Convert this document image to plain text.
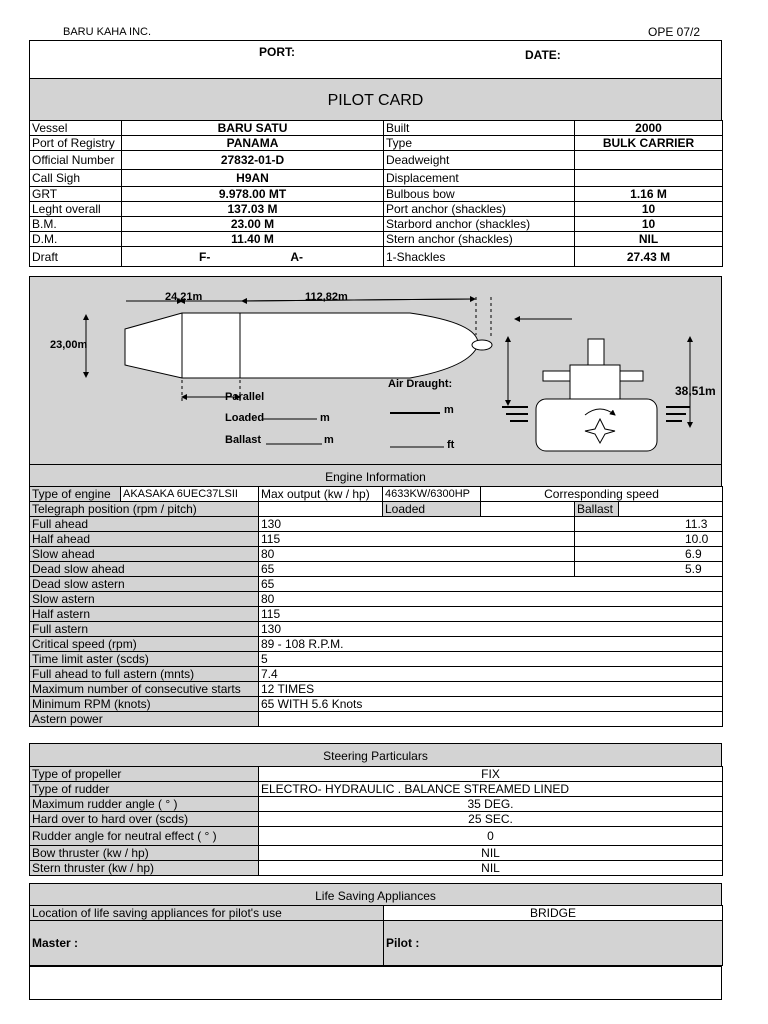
BARU KAHA INC.	OPE 07/2
PORT:	DATE:
PILOT CARD
Vessel	BARU SATU	Built	2000
Port of Registry	PANAMA	Type	BULK CARRIER
Official Number	27832-01-D	Deadweight	
Call Sigh	H9AN	Displacement	
GRT	9.978.00 MT	Bulbous bow	1.16 M
Leght overall	137.03 M	Port anchor (shackles)	10
B.M.	23.00 M	Starbord anchor (shackles)	10
D.M.	11.40 M	Stern anchor (shackles)	NIL
Draft	F- A-	1-Shackles	27.43 M
24,21m	112,82m
23,00m
Parallel
Loaded	m
Ballast	m
Air Draught:
m
ft
38,51m
Engine Information
Type of engine	AKASAKA 6UEC37LSII	Max output (kw / hp)	4633KW/6300HP	Corresponding speed		
Telegraph position (rpm / pitch)			Loaded		Ballast	
Full ahead		130			11.3	
Half ahead		115			10.0	
Slow ahead		80			6.9	
Dead slow ahead		65			5.9	
Dead slow astern		65				
Slow astern		80				
Half astern		115				
Full astern		130				
Critical speed (rpm)		89 - 108 R.P.M.				
Time limit aster (scds)		5				
Full ahead to full astern (mnts)		7.4				
Maximum number of consecutive starts		12 TIMES				
Minimum RPM (knots)		65 WITH 5.6 Knots				
Astern power						
Steering Particulars
Type of propeller	FIX
Type of rudder	ELECTRO- HYDRAULIC . BALANCE STREAMED LINED
Maximum rudder angle ( ° )	35 DEG.
Hard over to hard over (scds)	25 SEC.
Rudder angle for neutral effect ( ° )	0
Bow thruster (kw / hp)	NIL
Stern thruster (kw / hp)	NIL
Life Saving Appliances
Location of life saving appliances for pilot's use	BRIDGE
Master :	Pilot :
